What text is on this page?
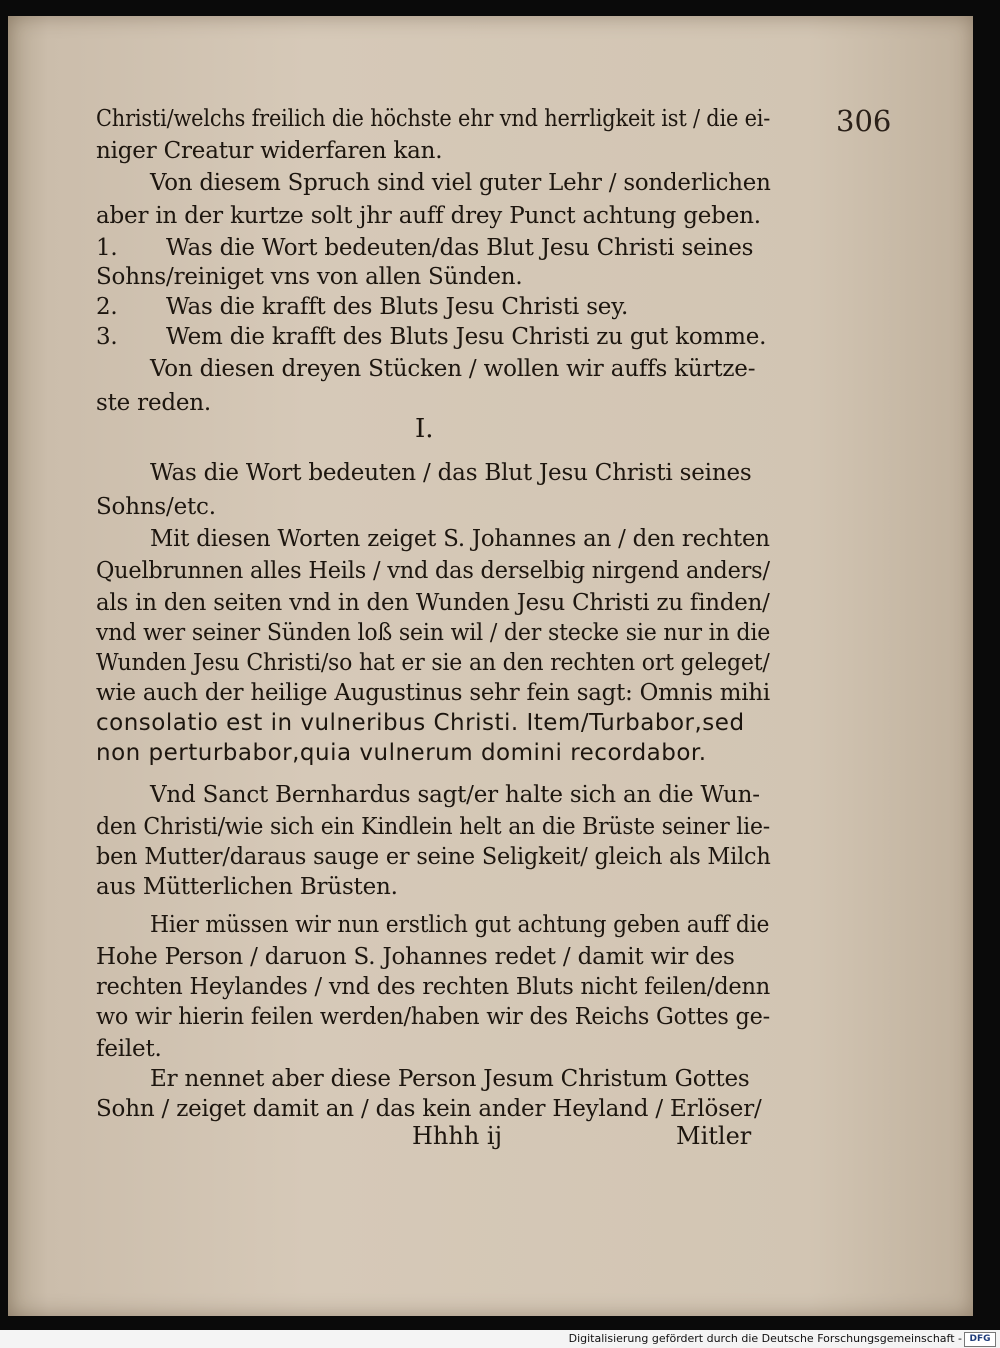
306
Christi/welchs freilich die höchste ehr vnd herrligkeit ist / die ei-
niger Creatur widerfaren kan.
Von diesem Spruch sind viel guter Lehr / sonderlichen
aber in der kurtze solt jhr auff drey Punct achtung geben.
1. Was die Wort bedeuten/das Blut Jesu Christi seines
Sohns/reiniget vns von allen Sünden.
2. Was die krafft des Bluts Jesu Christi sey.
3. Wem die krafft des Bluts Jesu Christi zu gut komme.
Von diesen dreyen Stücken / wollen wir auffs kürtze-
ste reden.
I.
Was die Wort bedeuten / das Blut Jesu Christi seines
Sohns/etc.
Mit diesen Worten zeiget S. Johannes an / den rechten
Quelbrunnen alles Heils / vnd das derselbig nirgend anders/
als in den seiten vnd in den Wunden Jesu Christi zu finden/
vnd wer seiner Sünden loß sein wil / der stecke sie nur in die
Wunden Jesu Christi/so hat er sie an den rechten ort geleget/
wie auch der heilige Augustinus sehr fein sagt: Omnis mihi
consolatio est in vulneribus Christi. Item/Turbabor,sed
non perturbabor,quia vulnerum domini recordabor.
Vnd Sanct Bernhardus sagt/er halte sich an die Wun-
den Christi/wie sich ein Kindlein helt an die Brüste seiner lie-
ben Mutter/daraus sauge er seine Seligkeit/ gleich als Milch
aus Mütterlichen Brüsten.
Hier müssen wir nun erstlich gut achtung geben auff die
Hohe Person / daruon S. Johannes redet / damit wir des
rechten Heylandes / vnd des rechten Bluts nicht feilen/denn
wo wir hierin feilen werden/haben wir des Reichs Gottes ge-
feilet.
Er nennet aber diese Person Jesum Christum Gottes
Sohn / zeiget damit an / das kein ander Heyland / Erlöser/
Hhhh ij	Mitler
Digitalisierung gefördert durch die Deutsche Forschungsgemeinschaft - DFG
